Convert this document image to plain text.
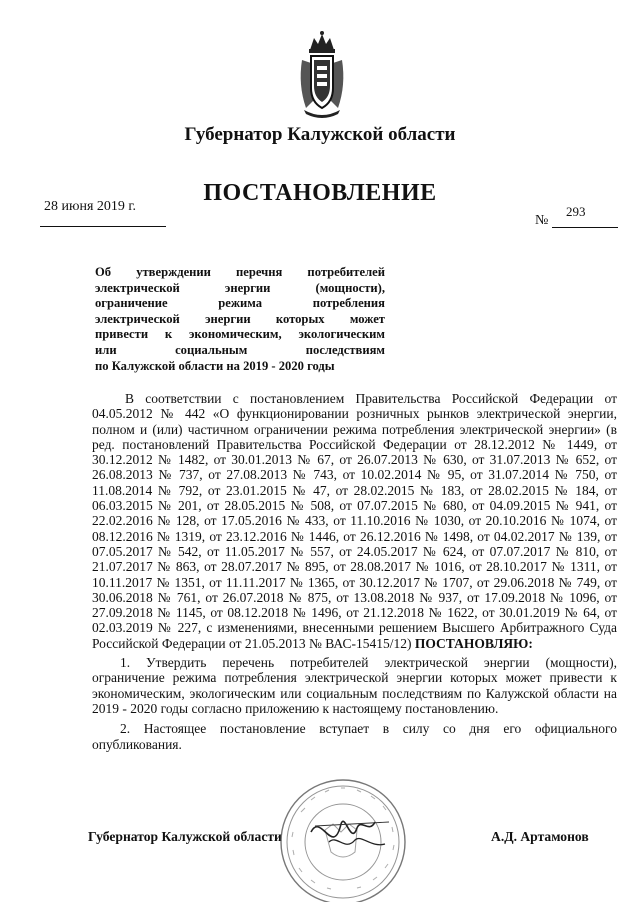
Губернатор Калужской области
ПОСТАНОВЛЕНИЕ
28 июня 2019 г.
№
293
Об утверждении перечня потребителей
электрической энергии (мощности),
ограничение режима потребления
электрической энергии которых может
привести к экономическим, экологическим
или социальным последствиям
по Калужской области на 2019 - 2020 годы

В соответствии с постановлением Правительства Российской Федерации от 04.05.2012 № 442 «О функционировании розничных рынков электрической энергии, полном и (или) частичном ограничении режима потребления электрической энергии» (в ред. постановлений Правительства Российской Федерации от 28.12.2012 № 1449, от 30.12.2012 № 1482, от 30.01.2013 № 67, от 26.07.2013 № 630, от 31.07.2013 № 652, от 26.08.2013 № 737, от 27.08.2013 № 743, от 10.02.2014 № 95, от 31.07.2014 № 750, от 11.08.2014 № 792, от 23.01.2015 № 47, от 28.02.2015 № 183, от 28.02.2015 № 184, от 06.03.2015 № 201, от 28.05.2015 № 508, от 07.07.2015 № 680, от 04.09.2015 № 941, от 22.02.2016 № 128, от 17.05.2016 № 433, от 11.10.2016 № 1030, от 20.10.2016 № 1074, от 08.12.2016 № 1319, от 23.12.2016 № 1446, от 26.12.2016 № 1498, от 04.02.2017 № 139, от 07.05.2017 № 542, от 11.05.2017 № 557, от 24.05.2017 № 624, от 07.07.2017 № 810, от 21.07.2017 № 863, от 28.07.2017 № 895, от 28.08.2017 № 1016, от 28.10.2017 № 1311, от 10.11.2017 № 1351, от 11.11.2017 № 1365, от 30.12.2017 № 1707, от 29.06.2018 № 749, от 30.06.2018 № 761, от 26.07.2018 № 875, от 13.08.2018 № 937, от 17.09.2018 № 1096, от 27.09.2018 № 1145, от 08.12.2018 № 1496, от 21.12.2018 № 1622, от 30.01.2019 № 64, от 02.03.2019 № 227, с изменениями, внесенными решением Высшего Арбитражного Суда Российской Федерации от 21.05.2013 № ВАС-15415/12) ПОСТАНОВЛЯЮ:

1. Утвердить перечень потребителей электрической энергии (мощности), ограничение режима потребления электрической энергии которых может привести к экономическим, экологическим или социальным последствиям по Калужской области на 2019 - 2020 годы согласно приложению к настоящему постановлению.

2. Настоящее постановление вступает в силу со дня его официального опубликования.

Губернатор Калужской области	А.Д. Артамонов
